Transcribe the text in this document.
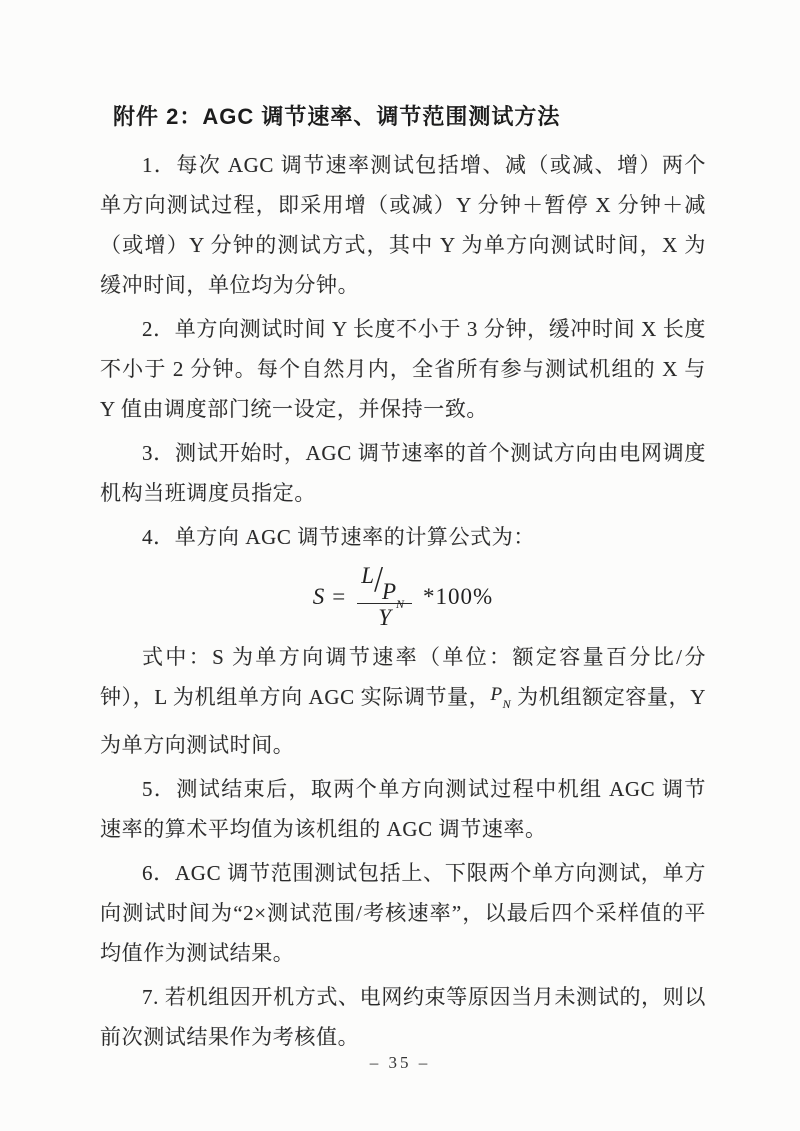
附件 2：AGC 调节速率、调节范围测试方法

1．每次 AGC 调节速率测试包括增、减（或减、增）两个单方向测试过程，即采用增（或减）Y 分钟＋暂停 X 分钟＋减（或增）Y 分钟的测试方式，其中 Y 为单方向测试时间，X 为缓冲时间，单位均为分钟。

2．单方向测试时间 Y 长度不小于 3 分钟，缓冲时间 X 长度不小于 2 分钟。每个自然月内，全省所有参与测试机组的 X 与 Y 值由调度部门统一设定，并保持一致。

3．测试开始时，AGC 调节速率的首个测试方向由电网调度机构当班调度员指定。

4．单方向 AGC 调节速率的计算公式为：

$S = \frac{L/P_N}{Y} *100\%$

式中：S 为单方向调节速率（单位：额定容量百分比/分钟），L 为机组单方向 AGC 实际调节量，$P_N$ 为机组额定容量，Y 为单方向测试时间。

5．测试结束后，取两个单方向测试过程中机组 AGC 调节速率的算术平均值为该机组的 AGC 调节速率。

6．AGC 调节范围测试包括上、下限两个单方向测试，单方向测试时间为“2×测试范围/考核速率”，以最后四个采样值的平均值作为测试结果。

7. 若机组因开机方式、电网约束等原因当月未测试的，则以前次测试结果作为考核值。

– 35 –
